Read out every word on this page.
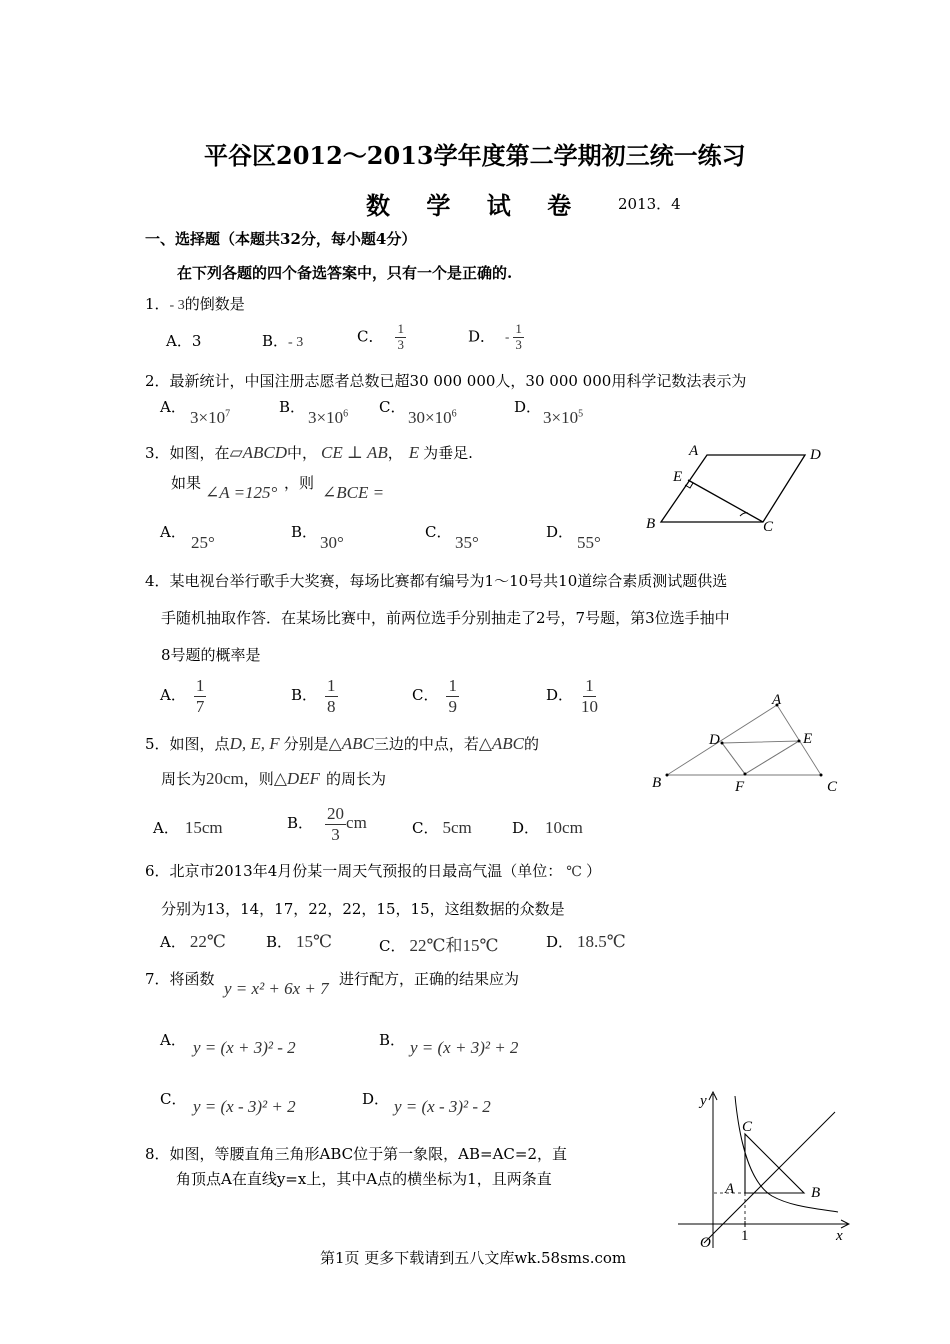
平谷区2012～2013学年度第二学期初三统一练习
数 学 试 卷 2013．4
一、选择题（本题共32分，每小题4分）
在下列各题的四个备选答案中，只有一个是正确的.
1．- 3的倒数是
A．3	B．- 3	C． $\frac{1}{3}$	D． - $\frac{1}{3}$
2．最新统计，中国注册志愿者总数已超30 000 000人，30 000 000用科学记数法表示为
A．
$3\times 10^7$	B．
$3\times 10^6$ C．
$30\times 10^6$	D．
$3\times 10^5$
3．如图，在▱ABCD中， CE ⊥ AB， E 为垂足.
如果 ∠A =125° ，则 ∠BCE =
A．
25°
B．
30°
C．
35°
D．
55°
A	D
E
B	C
4．某电视台举行歌手大奖赛，每场比赛都有编号为1～10号共10道综合素质测试题供选
手随机抽取作答．在某场比赛中，前两位选手分别抽走了2号，7号题，第3位选手抽中
8号题的概率是
A． $\frac{1}{7}$	B． $\frac{1}{8}$	C． $\frac{1}{9}$	D． $\frac{1}{10}$
5．如图，点D, E, F 分别是△ABC三边的中点，若△ABC的
周长为20cm，则△DEF 的周长为
A． 15cm	B． $\frac{20}{3}$ cm	C． 5cm	D． 10cm
A
D	E
B	F	C
6．北京市2013年4月份某一周天气预报的日最高气温（单位： ℃ ）
分别为13，14，17，22，22，15，15，这组数据的众数是
A． 22℃	B． 15℃	C． 22℃和15℃	D． 18.5℃
7．将函数 y = x² + 6x + 7 进行配方，正确的结果应为
A． y = (x + 3)² - 2	B． y = (x + 3)² + 2
C． y = (x - 3)² + 2	D． y = (x - 3)² - 2
8．如图，等腰直角三角形ABC位于第一象限，AB=AC=2，直
角顶点A在直线y=x上，其中A点的横坐标为1，且两条直
y
x
O 1
A	B
C
第1页 更多下载请到五八文库wk.58sms.com
